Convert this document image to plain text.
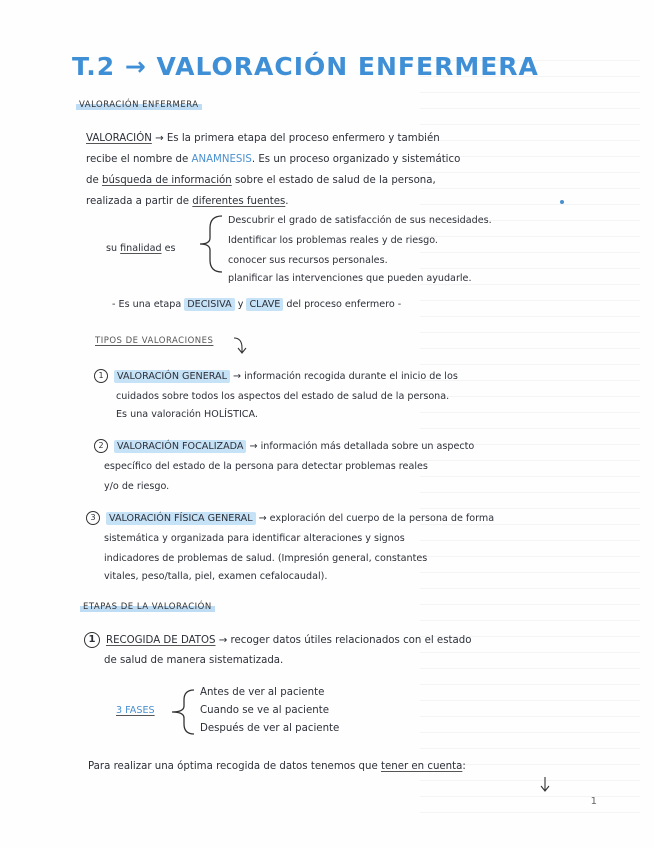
T.2 → VALORACIÓN ENFERMERA
VALORACIÓN ENFERMERA
VALORACIÓN → Es la primera etapa del proceso enfermero y también
recibe el nombre de ANAMNESIS. Es un proceso organizado y sistemático
de búsqueda de información sobre el estado de salud de la persona,
realizada a partir de diferentes fuentes.
su finalidad es
Descubrir el grado de satisfacción de sus necesidades.
Identificar los problemas reales y de riesgo.
conocer sus recursos personales.
planificar las intervenciones que pueden ayudarle.
- Es una etapa DECISIVA y CLAVE del proceso enfermero -
TIPOS DE VALORACIONES
1 VALORACIÓN GENERAL → información recogida durante el inicio de los
cuidados sobre todos los aspectos del estado de salud de la persona.
Es una valoración HOLÍSTICA.
2 VALORACIÓN FOCALIZADA → información más detallada sobre un aspecto
específico del estado de la persona para detectar problemas reales
y/o de riesgo.
3 VALORACIÓN FÍSICA GENERAL → exploración del cuerpo de la persona de forma
sistemática y organizada para identificar alteraciones y signos
indicadores de problemas de salud. (Impresión general, constantes
vitales, peso/talla, piel, examen cefalocaudal).
ETAPAS DE LA VALORACIÓN
1 RECOGIDA DE DATOS → recoger datos útiles relacionados con el estado
de salud de manera sistematizada.
3 FASES
Antes de ver al paciente
Cuando se ve al paciente
Después de ver al paciente
Para realizar una óptima recogida de datos tenemos que tener en cuenta:
1
